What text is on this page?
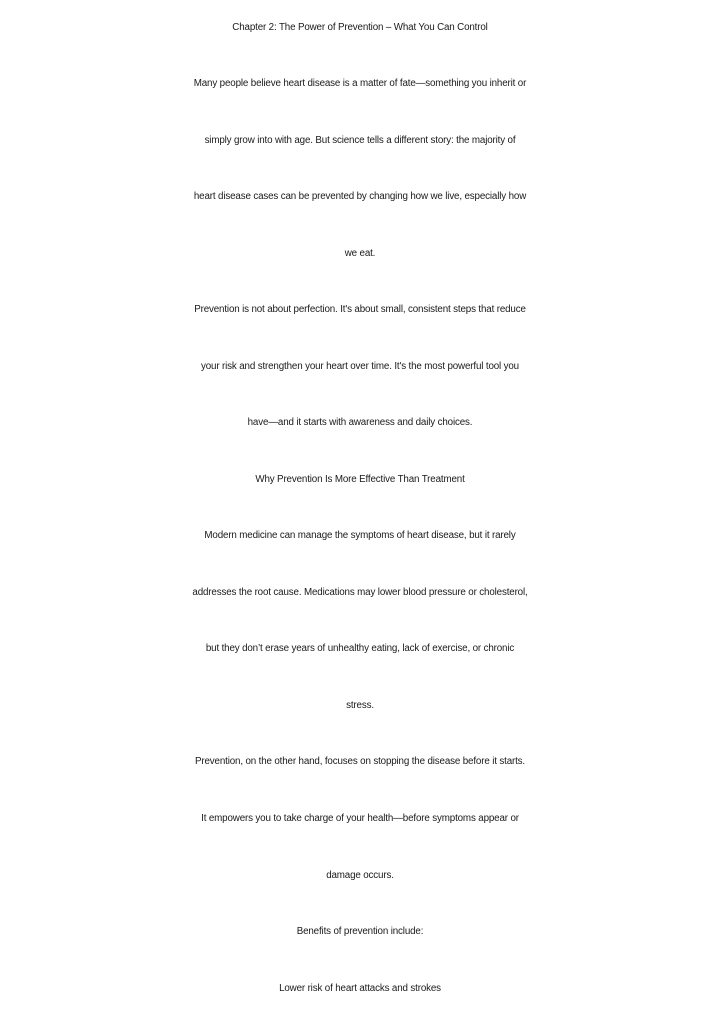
Chapter 2: The Power of Prevention – What You Can Control
Many people believe heart disease is a matter of fate—something you inherit or
simply grow into with age. But science tells a different story: the majority of
heart disease cases can be prevented by changing how we live, especially how
we eat.
Prevention is not about perfection. It's about small, consistent steps that reduce
your risk and strengthen your heart over time. It's the most powerful tool you
have—and it starts with awareness and daily choices.
Why Prevention Is More Effective Than Treatment
Modern medicine can manage the symptoms of heart disease, but it rarely
addresses the root cause. Medications may lower blood pressure or cholesterol,
but they don’t erase years of unhealthy eating, lack of exercise, or chronic
stress.
Prevention, on the other hand, focuses on stopping the disease before it starts.
It empowers you to take charge of your health—before symptoms appear or
damage occurs.
Benefits of prevention include:
Lower risk of heart attacks and strokes
